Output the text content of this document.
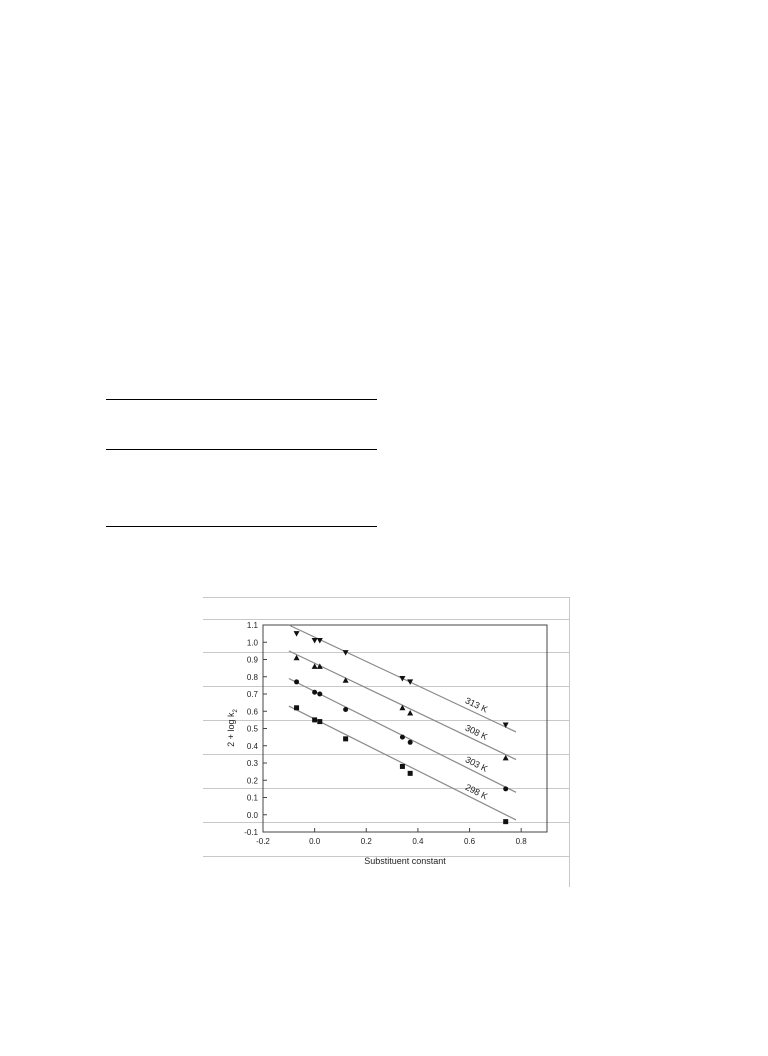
-0.1
0.0
0.1
0.2
0.3
0.4
0.5
0.6
0.7
0.8
0.9
1.0
1.1
-0.2	0.0	0.2	0.4	0.6	0.8
298 K
303 K
308 K
313 K
Substituent constant
$2 + \log k_2$
